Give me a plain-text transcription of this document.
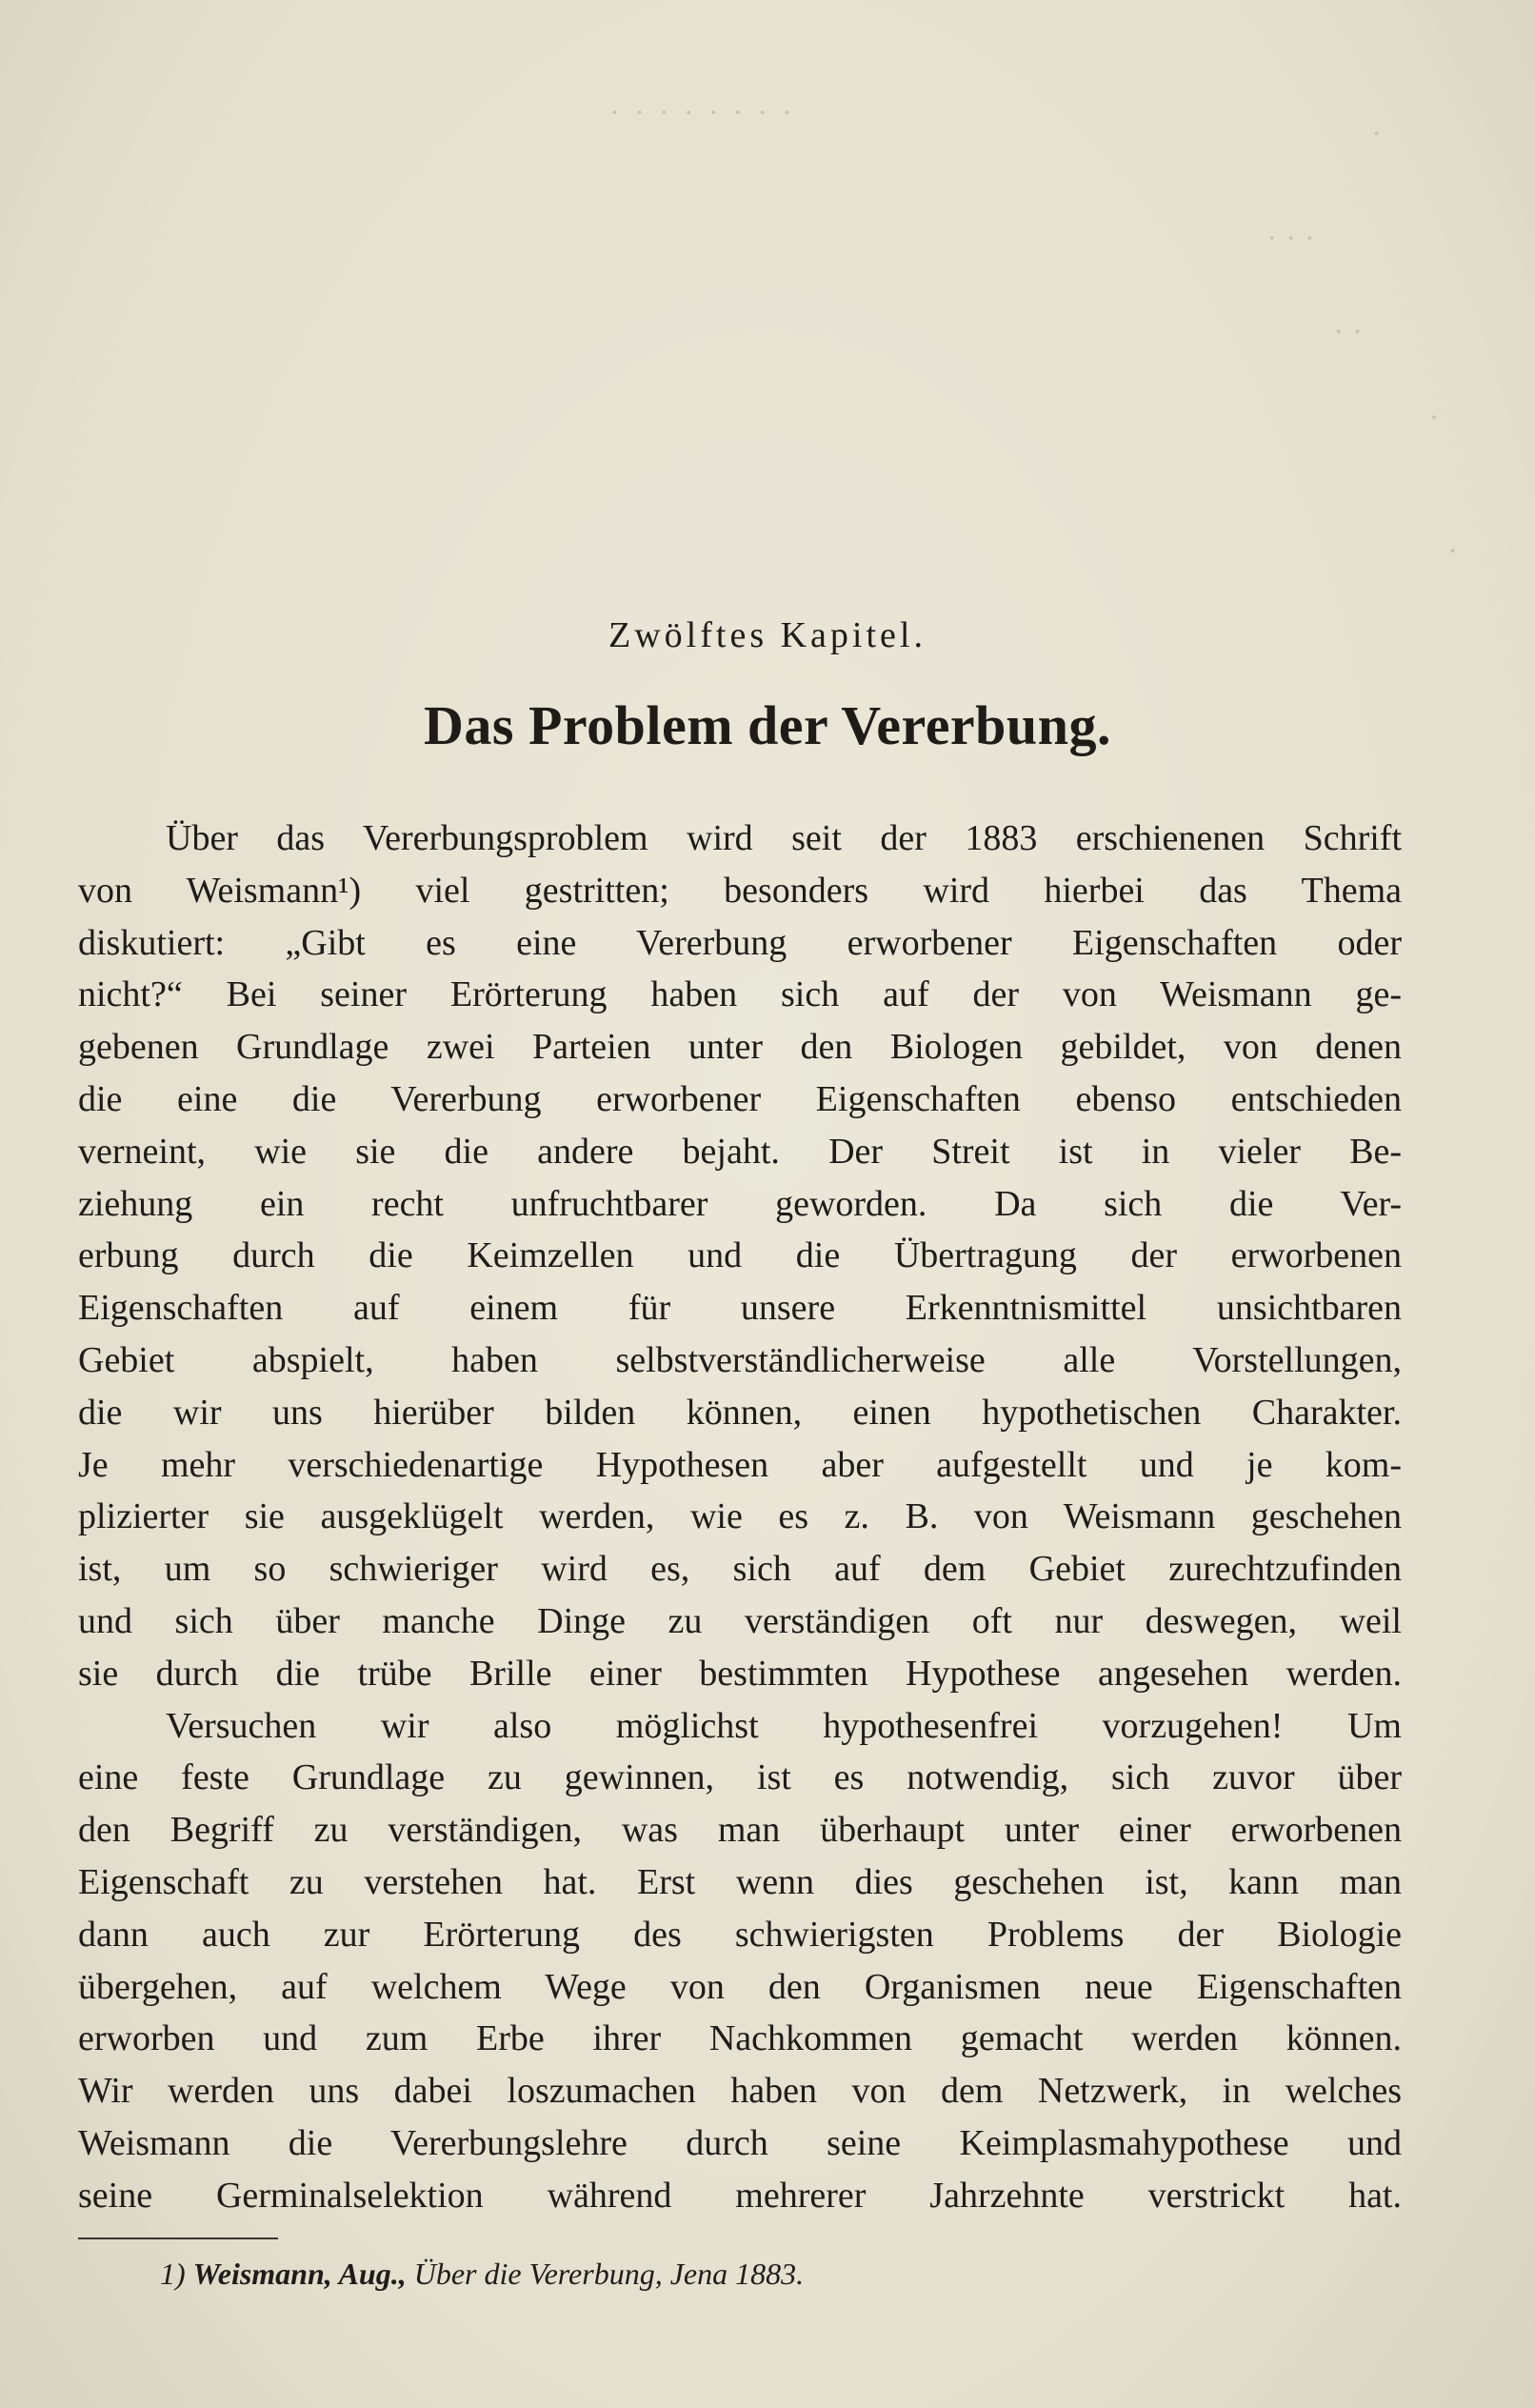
· · · · · · · ·
·
· · ·
· ·
·
·
Zwölftes Kapitel.
Das Problem der Vererbung.
Über das Vererbungsproblem wird seit der 1883 erschienenen Schrift
von Weismann¹) viel gestritten; besonders wird hierbei das Thema
diskutiert: „Gibt es eine Vererbung erworbener Eigenschaften oder
nicht?“ Bei seiner Erörterung haben sich auf der von Weismann ge-
gebenen Grundlage zwei Parteien unter den Biologen gebildet, von denen
die eine die Vererbung erworbener Eigenschaften ebenso entschieden
verneint, wie sie die andere bejaht. Der Streit ist in vieler Be-
ziehung ein recht unfruchtbarer geworden. Da sich die Ver-
erbung durch die Keimzellen und die Übertragung der erworbenen
Eigenschaften auf einem für unsere Erkenntnismittel unsichtbaren
Gebiet abspielt, haben selbstverständlicherweise alle Vorstellungen,
die wir uns hierüber bilden können, einen hypothetischen Charakter.
Je mehr verschiedenartige Hypothesen aber aufgestellt und je kom-
plizierter sie ausgeklügelt werden, wie es z. B. von Weismann geschehen
ist, um so schwieriger wird es, sich auf dem Gebiet zurechtzufinden
und sich über manche Dinge zu verständigen oft nur deswegen, weil
sie durch die trübe Brille einer bestimmten Hypothese angesehen werden.
Versuchen wir also möglichst hypothesenfrei vorzugehen! Um
eine feste Grundlage zu gewinnen, ist es notwendig, sich zuvor über
den Begriff zu verständigen, was man überhaupt unter einer erworbenen
Eigenschaft zu verstehen hat. Erst wenn dies geschehen ist, kann man
dann auch zur Erörterung des schwierigsten Problems der Biologie
übergehen, auf welchem Wege von den Organismen neue Eigenschaften
erworben und zum Erbe ihrer Nachkommen gemacht werden können.
Wir werden uns dabei loszumachen haben von dem Netzwerk, in welches
Weismann die Vererbungslehre durch seine Keimplasmahypothese und
seine Germinalselektion während mehrerer Jahrzehnte verstrickt hat.
1) Weismann, Aug., Über die Vererbung, Jena 1883.
